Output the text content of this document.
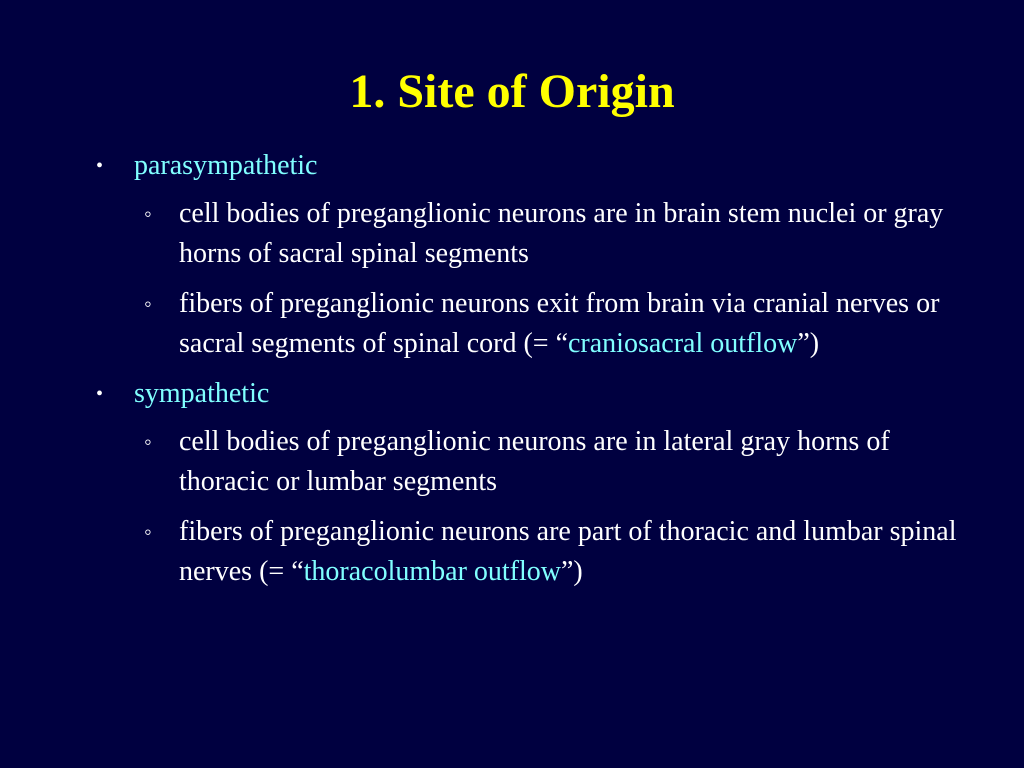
1. Site of Origin
•	parasympathetic
◦ cell bodies of preganglionic neurons are in brain stem nuclei or gray horns of sacral spinal segments
◦ fibers of preganglionic neurons exit from brain via cranial nerves or sacral segments of spinal cord (= “craniosacral outflow”)
•	sympathetic
◦ cell bodies of preganglionic neurons are in lateral gray horns of thoracic or lumbar segments
◦ fibers of preganglionic neurons are part of thoracic and lumbar spinal nerves (= “thoracolumbar outflow”)
